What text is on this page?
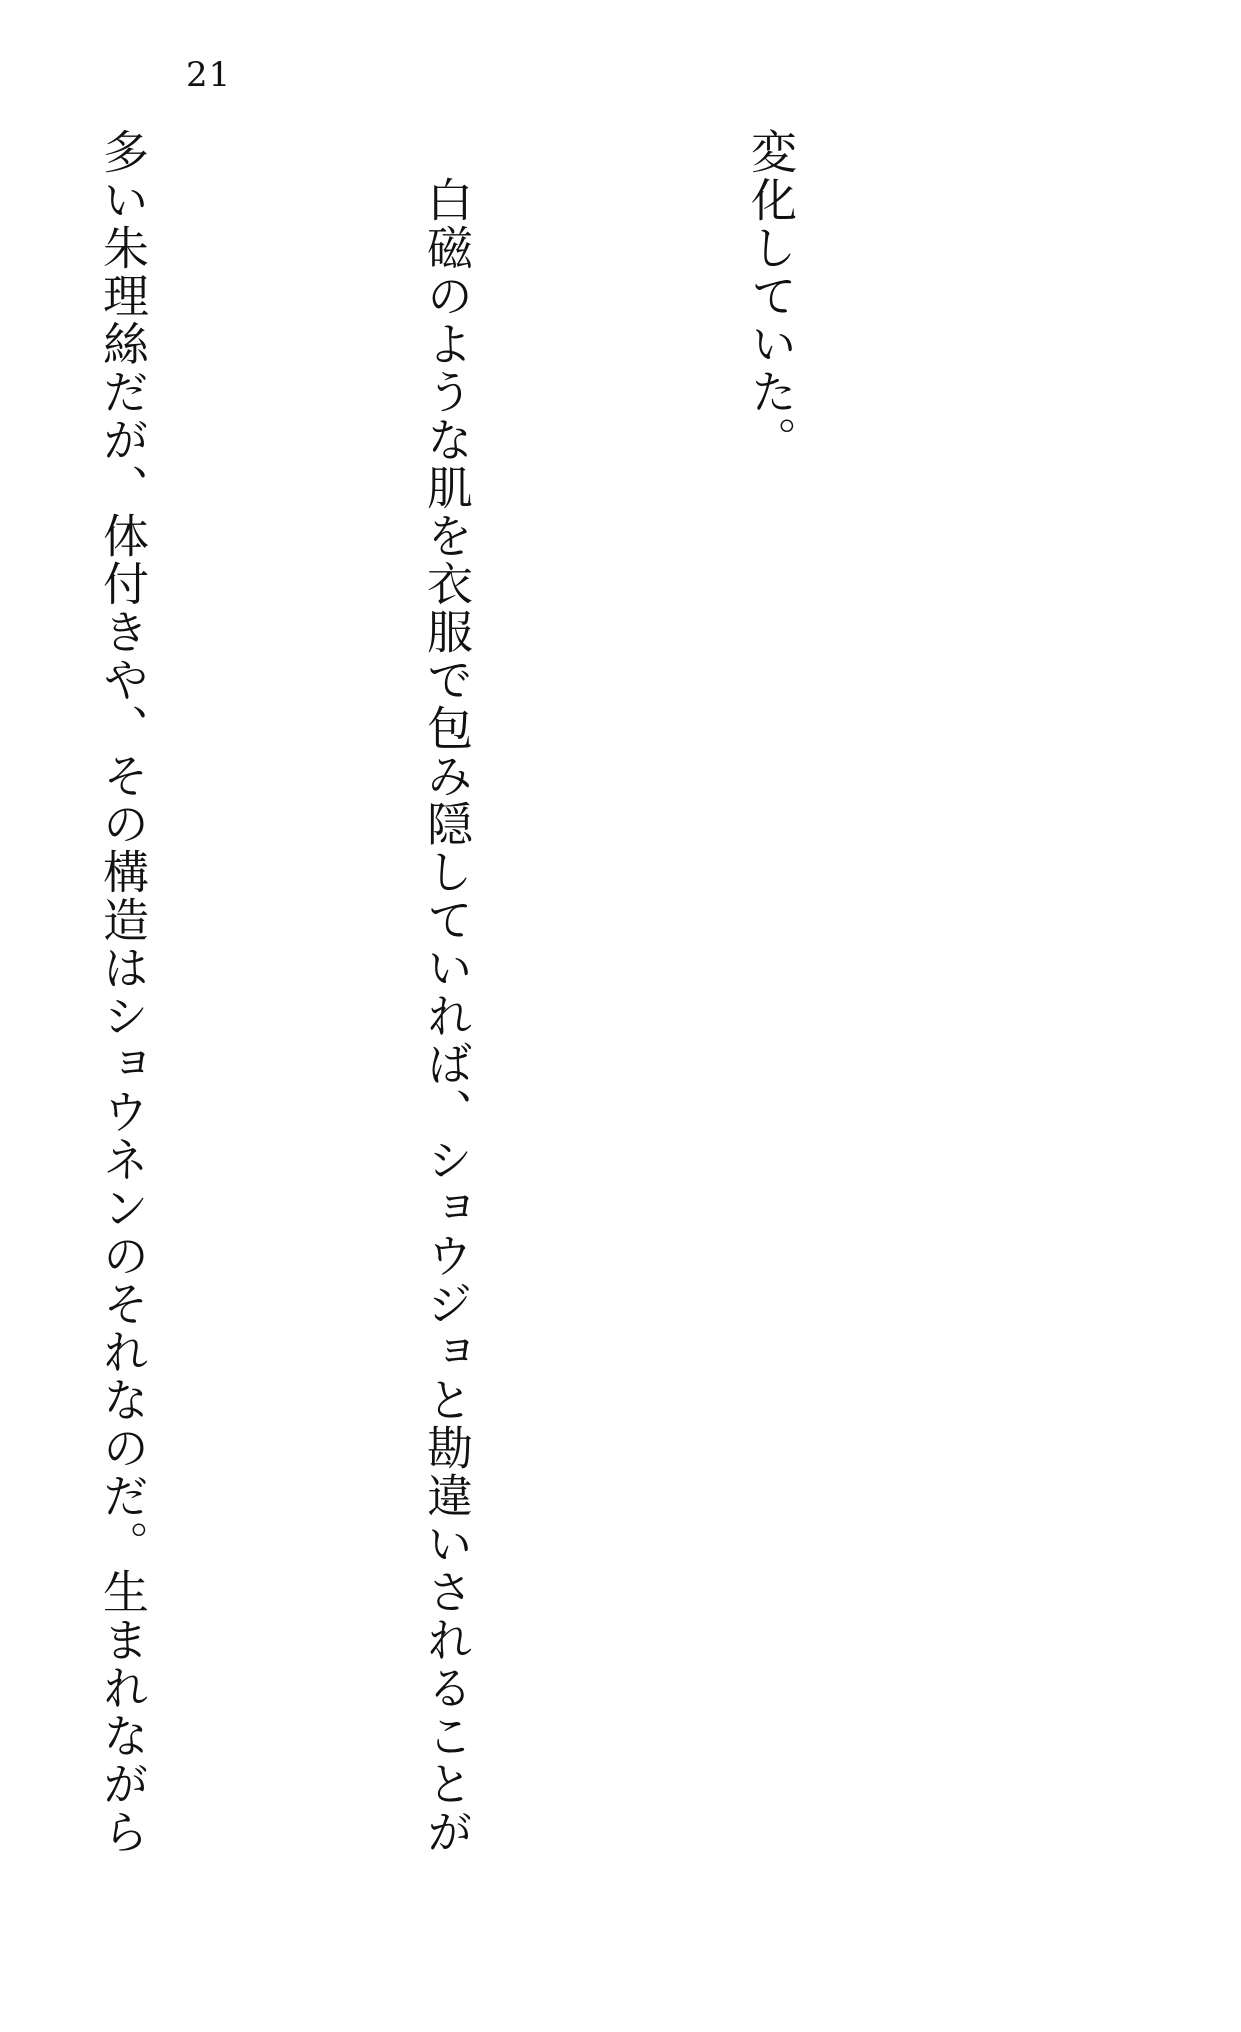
21

変化していた。

　白磁のような肌を衣服で包み隠していれば、ショウジョと勘違いされることが

多い朱理絲だが、体付きや、その構造はショウネンのそれなのだ。生まれながら
